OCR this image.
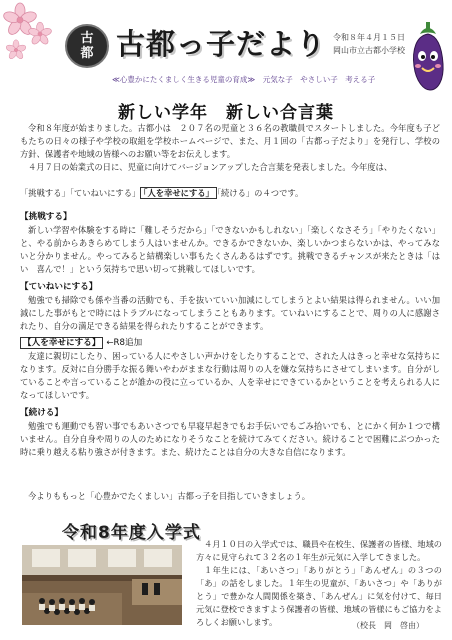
古
都 古都っ子だより 令和８年４月１５日
岡山市立古都小学校
≪心豊かにたくましく生きる児童の育成≫　元気な子　やさしい子　考える子
新しい学年　新しい合言葉
令和８年度が始まりました。古都小は　２０７名の児童と３６名の教職員でスタートしました。今年度も子どもたちの日々の様子や学校の取組を学校ホームページで、また、月１回の「古都っ子だより」を発行し、学校の方針、保護者や地域の皆様へのお願い等をお伝えします。
４月７日の始業式の日に、児童に向けてバージョンアップした合言葉を発表しました。今年度は、
「挑戦する」「ていねいにする」 「人を幸せにする」 「続ける」の４つです。
【挑戦する】
新しい学習や体験をする時に「難しそうだから」「できないかもしれない」「楽しくなさそう」「やりたくない」と、やる前からあきらめてしまう人はいませんか。できるかできないか、楽しいかつまらないかは、やってみないと分かりません。やってみると結構楽しい事もたくさんあるはずです。挑戦できるチャンスが来たときは「はい　喜んで！」という気持ちで思い切って挑戦してほしいです。
【ていねいにする】
勉強でも掃除でも係や当番の活動でも、手を抜いていい加減にしてしまうとよい結果は得られません。いい加減にした事がもとで時にはトラブルになってしまうこともあります。ていねいにすることで、周りの人に感謝されたり、自分の満足できる結果を得られたりすることができます。
【人を幸せにする】 ←R8追加
友達に親切にしたり、困っている人にやさしい声かけをしたりすることで、された人はきっと幸せな気持ちになります。反対に自分勝手な振る舞いやわがままな行動は周りの人を嫌な気持ちにさせてしまいます。自分がしていることや言っていることが誰かの役に立っているか、人を幸せにできているかということを考えられる人になってほしいです。
【続ける】
勉強でも運動でも習い事でもあいさつでも早寝早起きでもお手伝いでもごみ拾いでも、とにかく何か１つで構いません。自分自身や周りの人のためになりそうなことを続けてみてください。続けることで困難にぶつかった時に乗り越える粘り強さが付きます。また、続けたことは自分の大きな自信になります。
今よりももっと「心豊かでたくましい」古都っ子を目指していきましょう。
令和8年度入学式
４月１０日の入学式では、職員や在校生、保護者の皆様、地域の方々に見守られて３２名の１年生が元気に入学してきました。
１年生には、「あいさつ」「ありがとう」「あんぜん」の３つの「あ」の話をしました。１年生の児童が、「あいさつ」や「ありがとう」で豊かな人間関係を築き、「あんぜん」に気を付けて、毎日元気に登校できますよう保護者の皆様、地域の皆様にもご協力をよろしくお願いします。	（校長　岡　啓由）
